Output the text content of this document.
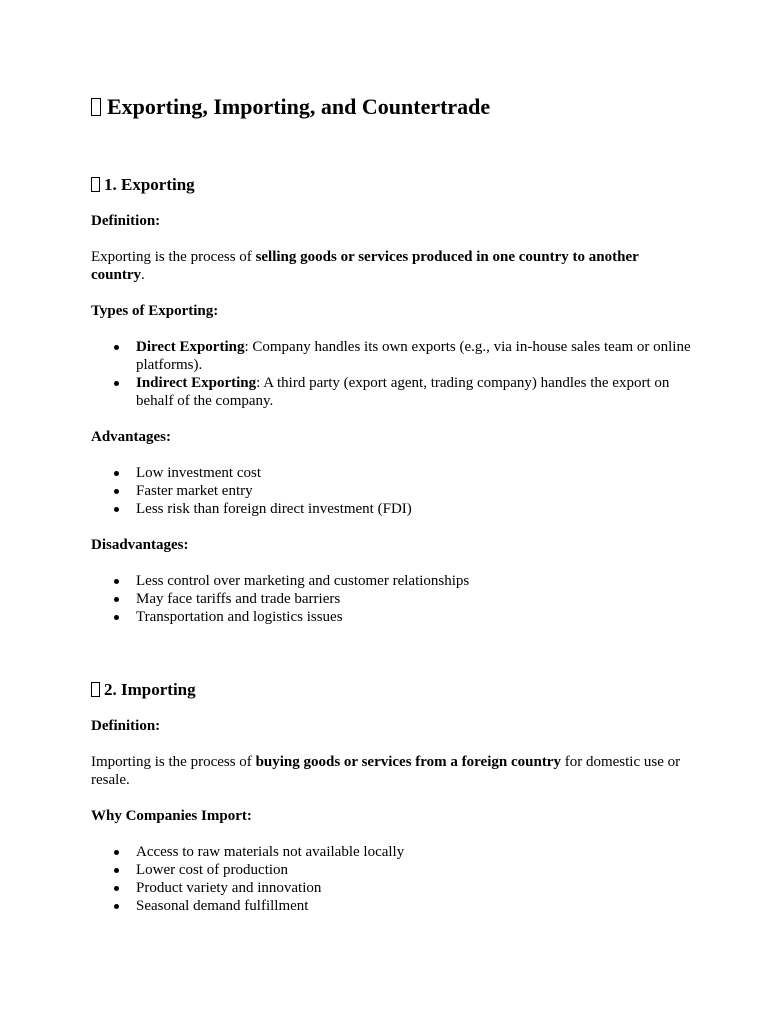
Exporting, Importing, and Countertrade
1. Exporting

Definition:

Exporting is the process of selling goods or services produced in one country to another country.

Types of Exporting:

Direct Exporting: Company handles its own exports (e.g., via in-house sales team or online platforms).
Indirect Exporting: A third party (export agent, trading company) handles the export on behalf of the company.

Advantages:

Low investment cost
Faster market entry
Less risk than foreign direct investment (FDI)

Disadvantages:

Less control over marketing and customer relationships
May face tariffs and trade barriers
Transportation and logistics issues
2. Importing

Definition:

Importing is the process of buying goods or services from a foreign country for domestic use or resale.

Why Companies Import:

Access to raw materials not available locally
Lower cost of production
Product variety and innovation
Seasonal demand fulfillment
